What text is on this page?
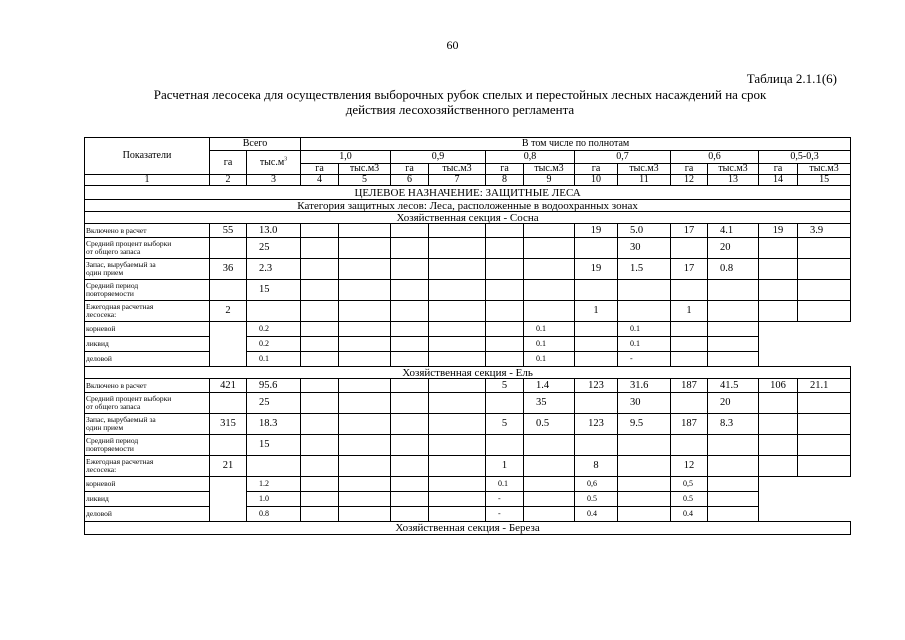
60
Таблица 2.1.1(6)
Расчетная лесосека для осуществления выборочных рубок спелых и перестойных лесных насаждений на срок
действия лесохозяйственного регламента
Показатели	Всего		В том числе по полнотам											
	га	$тыс.м^3$	1,0		0,9		0,8		0,7		0,6		0,5-0,3	
			га	тыс.м3	га	тыс.м3	га	тыс.м3	га	тыс.м3	га	тыс.м3	га	тыс.м3
1	2	3	4	5	6	7	8	9	10	11	12	13	14	15
ЦЕЛЕВОЕ НАЗНАЧЕНИЕ: ЗАЩИТНЫЕ ЛЕСА														
Категория защитных лесов: Леса, расположенные в водоохранных зонах														
Хозяйственная секция - Сосна														
Включено в расчет	55	13.0							19	5.0	17	4.1	19	3.9

Средний процент выборки
от общего запаса		25								30		20		

Запас, вырубаемый за
один прием	36	2.3							19	1.5	17	0.8		

Средний период
повторяемости		15												

Ежегодная расчетная
лесосека:	2								1		1			
корневой		0.2						0.1		0.1				
ликвид		0.2						0.1		0.1				
деловой		0.1						0.1		-				
Хозяйственная секция - Ель														
Включено в расчет	421	95.6					5	1.4	123	31.6	187	41.5	106	21.1

Средний процент выборки
от общего запаса		25						35		30		20		

Запас, вырубаемый за
один прием	315	18.3					5	0.5	123	9.5	187	8.3		

Средний период
повторяемости		15												

Ежегодная расчетная
лесосека:	21						1		8		12			
корневой		1.2					0.1		0,6		0,5			
ликвид		1.0					-		0.5		0.5			
деловой		0.8					-		0.4		0.4			
Хозяйственная секция - Береза														
